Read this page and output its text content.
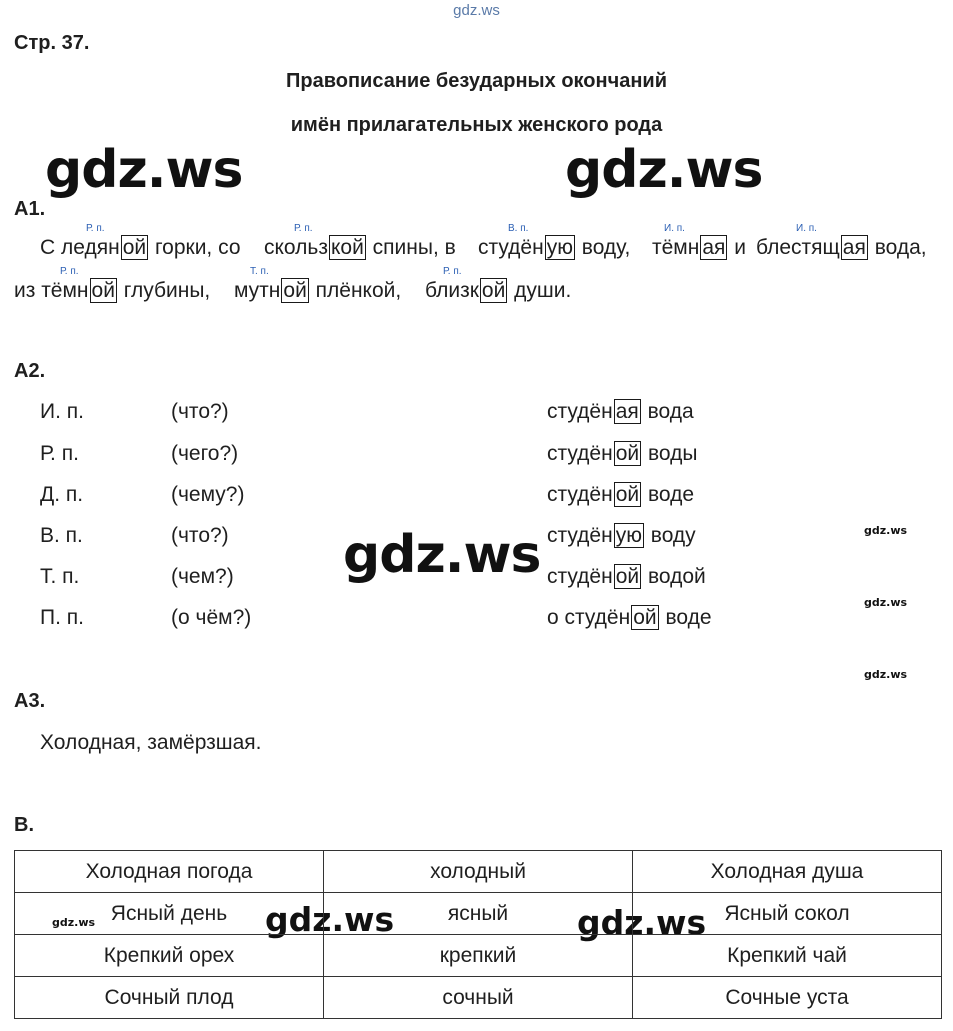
gdz.ws
Стр. 37.
Правописание безударных окончаний
имён прилагательных женского рода
gdz.ws	gdz.ws
gdz.ws
gdz.ws	gdz.ws
gdz.ws
gdz.ws
gdz.ws
gdz.ws
А1.
Р. п.
С ледян ой горки, со
Р. п.
скольз кой спины, в
В. п.
студён ую воду,
И. п.
тёмн ая и
И. п.
блестящ ая вода,
Р. п.
из тёмн ой глубины,
Т. п.
мутн ой плёнкой,
Р. п.
близк ой души.
А2.
И. п.	(что?)	студён ая вода
Р. п.	(чего?)	студён ой воды
Д. п.	(чему?)	студён ой воде
В. п.	(что?)	студён ую воду
Т. п.	(чем?)	студён ой водой
П. п.	(о чём?)	о студён ой воде
А3.
Холодная, замёрзшая.
В.
Холодная погода	холодный	Холодная душа
Ясный день	ясный	Ясный сокол
Крепкий орех	крепкий	Крепкий чай
Сочный плод	сочный	Сочные уста
